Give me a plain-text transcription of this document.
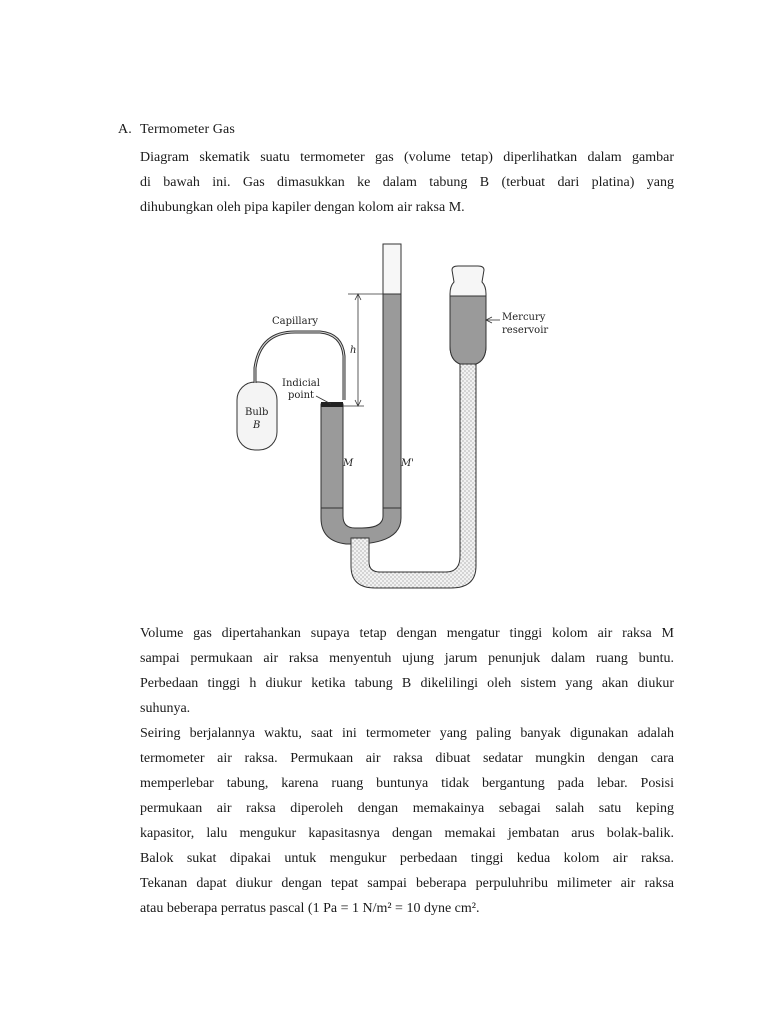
A. Termometer Gas
Diagram skematik suatu termometer gas (volume tetap) diperlihatkan dalam gambar
di bawah ini. Gas dimasukkan ke dalam tabung B (terbuat dari platina) yang
dihubungkan oleh pipa kapiler dengan kolom air raksa M.
Bulb
B
Capillary
Indicial
point
h
M	M'
Mercury
reservoir
Volume gas dipertahankan supaya tetap dengan mengatur tinggi kolom air raksa M
sampai permukaan air raksa menyentuh ujung jarum penunjuk dalam ruang buntu.
Perbedaan tinggi h diukur ketika tabung B dikelilingi oleh sistem yang akan diukur
suhunya.
Seiring berjalannya waktu, saat ini termometer yang paling banyak digunakan adalah
termometer air raksa. Permukaan air raksa dibuat sedatar mungkin dengan cara
memperlebar tabung, karena ruang buntunya tidak bergantung pada lebar. Posisi
permukaan air raksa diperoleh dengan memakainya sebagai salah satu keping
kapasitor, lalu mengukur kapasitasnya dengan memakai jembatan arus bolak-balik.
Balok sukat dipakai untuk mengukur perbedaan tinggi kedua kolom air raksa.
Tekanan dapat diukur dengan tepat sampai beberapa perpuluhribu milimeter air raksa
atau beberapa perratus pascal (1 Pa = 1 N/m² = 10 dyne cm².
